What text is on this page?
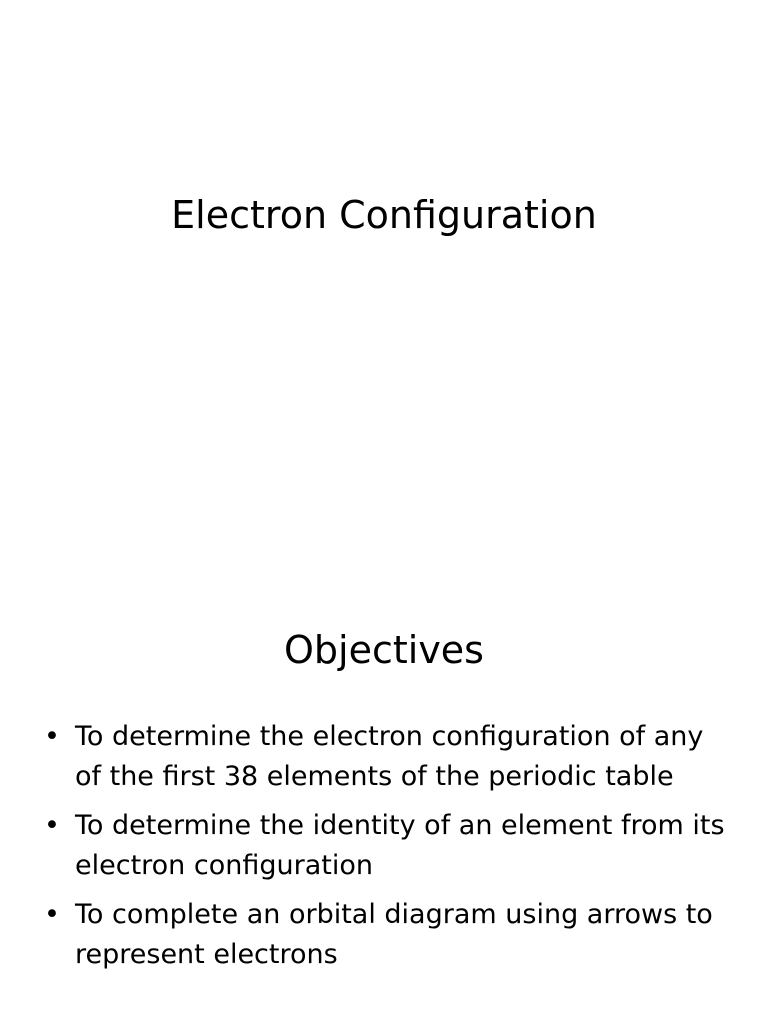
Electron Configuration
Objectives
• To determine the electron configuration of any of the first 38 elements of the periodic table
• To determine the identity of an element from its electron configuration
• To complete an orbital diagram using arrows to represent electrons
